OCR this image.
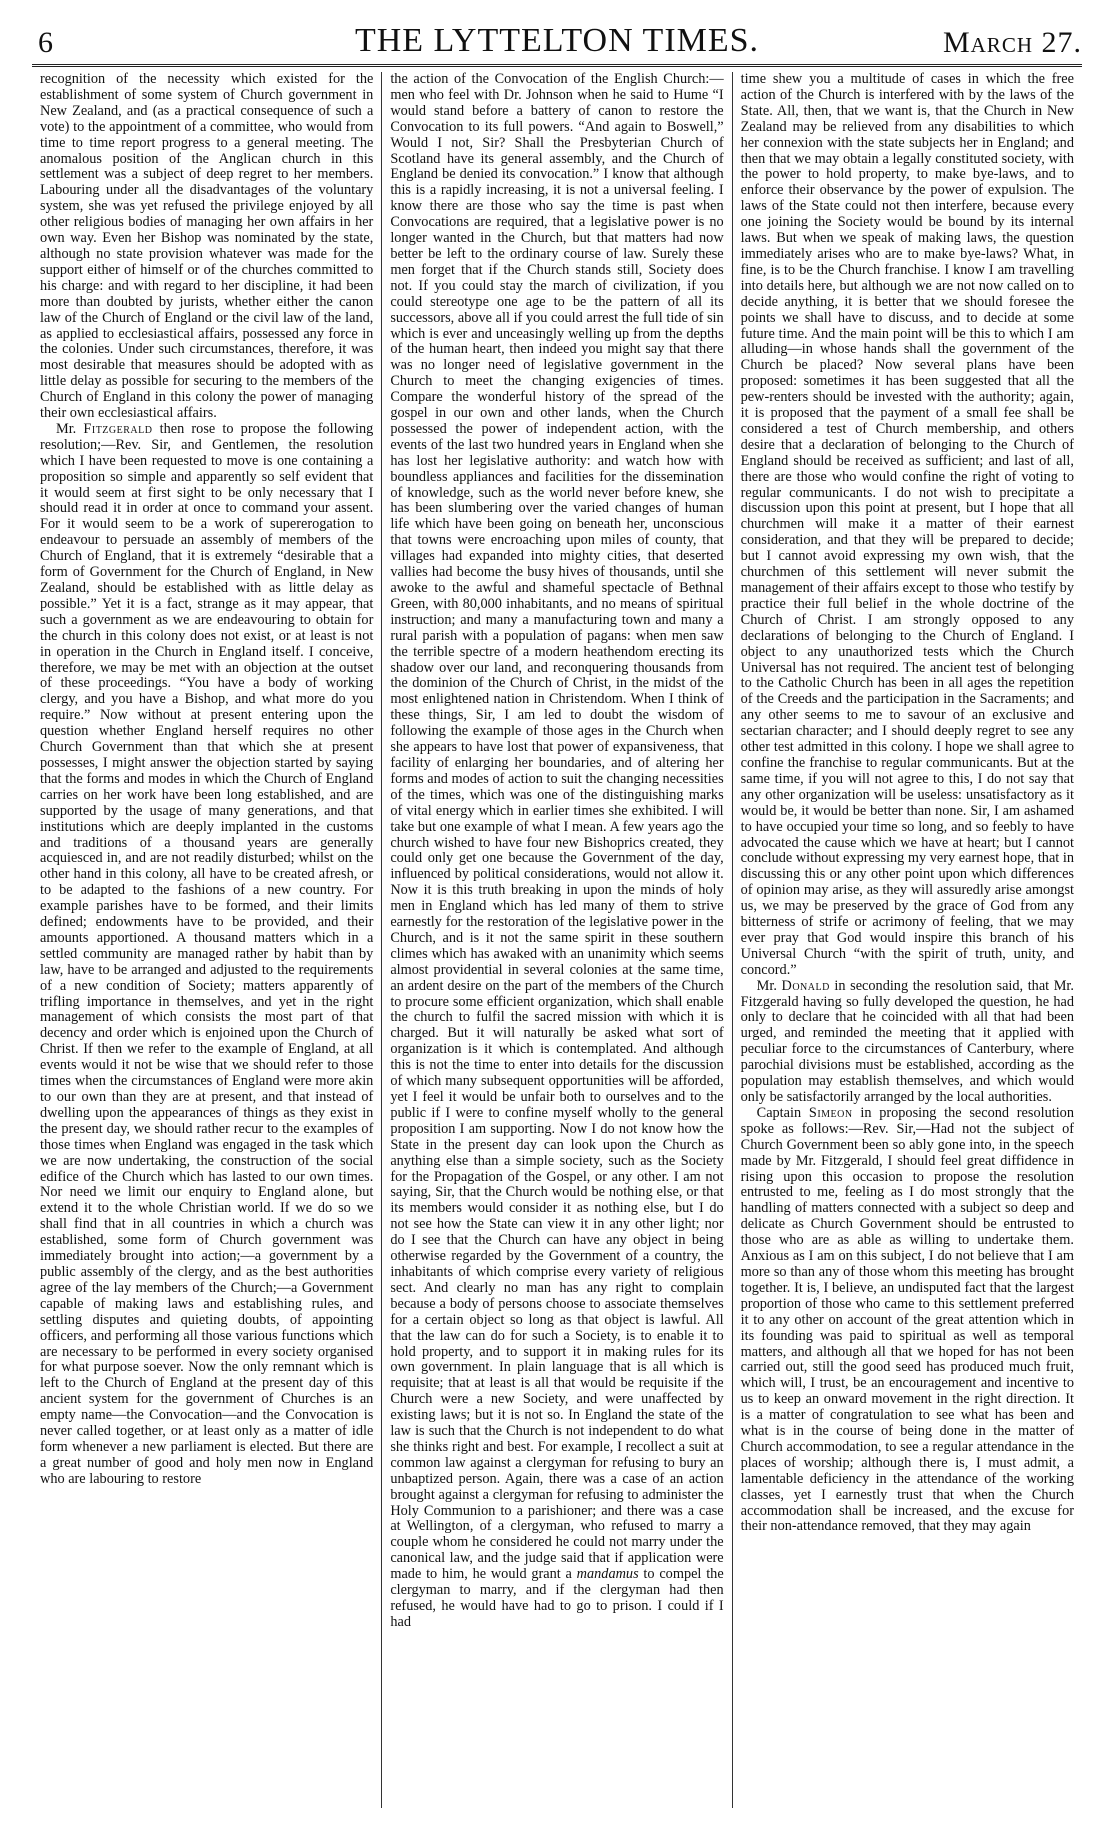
6	THE LYTTELTON TIMES.	March 27.

recognition of the necessity which existed for the establishment of some system of Church government in New Zealand, and (as a practical consequence of such a vote) to the appointment of a committee, who would from time to time report progress to a general meeting. The anomalous position of the Anglican church in this settlement was a subject of deep regret to her members. Labouring under all the disadvantages of the voluntary system, she was yet refused the privilege enjoyed by all other religious bodies of managing her own affairs in her own way. Even her Bishop was nominated by the state, although no state provision whatever was made for the support either of himself or of the churches committed to his charge: and with regard to her discipline, it had been more than doubted by jurists, whether either the canon law of the Church of England or the civil law of the land, as applied to ecclesiastical affairs, possessed any force in the colonies. Under such circumstances, therefore, it was most desirable that measures should be adopted with as little delay as possible for securing to the members of the Church of England in this colony the power of managing their own ecclesiastical affairs.

Mr. Fitzgerald then rose to propose the following resolution;—Rev. Sir, and Gentlemen, the resolution which I have been requested to move is one containing a proposition so simple and apparently so self evident that it would seem at first sight to be only necessary that I should read it in order at once to command your assent. For it would seem to be a work of supererogation to endeavour to persuade an assembly of members of the Church of England, that it is extremely “desirable that a form of Government for the Church of England, in New Zealand, should be established with as little delay as possible.” Yet it is a fact, strange as it may appear, that such a government as we are endeavouring to obtain for the church in this colony does not exist, or at least is not in operation in the Church in England itself. I conceive, therefore, we may be met with an objection at the outset of these proceedings. “You have a body of working clergy, and you have a Bishop, and what more do you require.” Now without at present entering upon the question whether England herself requires no other Church Government than that which she at present possesses, I might answer the objection started by saying that the forms and modes in which the Church of England carries on her work have been long established, and are supported by the usage of many generations, and that institutions which are deeply implanted in the customs and traditions of a thousand years are generally acquiesced in, and are not readily disturbed; whilst on the other hand in this colony, all have to be created afresh, or to be adapted to the fashions of a new country. For example parishes have to be formed, and their limits defined; endowments have to be provided, and their amounts apportioned. A thousand matters which in a settled community are managed rather by habit than by law, have to be arranged and adjusted to the requirements of a new condition of Society; matters apparently of trifling importance in themselves, and yet in the right management of which consists the most part of that decency and order which is enjoined upon the Church of Christ. If then we refer to the example of England, at all events would it not be wise that we should refer to those times when the circumstances of England were more akin to our own than they are at present, and that instead of dwelling upon the appearances of things as they exist in the present day, we should rather recur to the examples of those times when England was engaged in the task which we are now undertaking, the construction of the social edifice of the Church which has lasted to our own times. Nor need we limit our enquiry to England alone, but extend it to the whole Christian world. If we do so we shall find that in all countries in which a church was established, some form of Church government was immediately brought into action;—a government by a public assembly of the clergy, and as the best authorities agree of the lay members of the Church;—a Government capable of making laws and establishing rules, and settling disputes and quieting doubts, of appointing officers, and performing all those various functions which are necessary to be performed in every society organised for what purpose soever. Now the only remnant which is left to the Church of England at the present day of this ancient system for the government of Churches is an empty name—the Convocation—and the Convocation is never called together, or at least only as a matter of idle form whenever a new parliament is elected. But there are a great number of good and holy men now in England who are labouring to restore

the action of the Convocation of the English Church:—men who feel with Dr. Johnson when he said to Hume “I would stand before a battery of canon to restore the Convocation to its full powers. “And again to Boswell,” Would I not, Sir? Shall the Presbyterian Church of Scotland have its general assembly, and the Church of England be denied its convocation.” I know that although this is a rapidly increasing, it is not a universal feeling. I know there are those who say the time is past when Convocations are required, that a legislative power is no longer wanted in the Church, but that matters had now better be left to the ordinary course of law. Surely these men forget that if the Church stands still, Society does not. If you could stay the march of civilization, if you could stereotype one age to be the pattern of all its successors, above all if you could arrest the full tide of sin which is ever and unceasingly welling up from the depths of the human heart, then indeed you might say that there was no longer need of legislative government in the Church to meet the changing exigencies of times. Compare the wonderful history of the spread of the gospel in our own and other lands, when the Church possessed the power of independent action, with the events of the last two hundred years in England when she has lost her legislative authority: and watch how with boundless appliances and facilities for the dissemination of knowledge, such as the world never before knew, she has been slumbering over the varied changes of human life which have been going on beneath her, unconscious that towns were encroaching upon miles of county, that villages had expanded into mighty cities, that deserted vallies had become the busy hives of thousands, until she awoke to the awful and shameful spectacle of Bethnal Green, with 80,000 inhabitants, and no means of spiritual instruction; and many a manufacturing town and many a rural parish with a population of pagans: when men saw the terrible spectre of a modern heathendom erecting its shadow over our land, and reconquering thousands from the dominion of the Church of Christ, in the midst of the most enlightened nation in Christendom. When I think of these things, Sir, I am led to doubt the wisdom of following the example of those ages in the Church when she appears to have lost that power of expansiveness, that facility of enlarging her boundaries, and of altering her forms and modes of action to suit the changing necessities of the times, which was one of the distinguishing marks of vital energy which in earlier times she exhibited. I will take but one example of what I mean. A few years ago the church wished to have four new Bishoprics created, they could only get one because the Government of the day, influenced by political considerations, would not allow it. Now it is this truth breaking in upon the minds of holy men in England which has led many of them to strive earnestly for the restoration of the legislative power in the Church, and is it not the same spirit in these southern climes which has awaked with an unanimity which seems almost providential in several colonies at the same time, an ardent desire on the part of the members of the Church to procure some efficient organization, which shall enable the church to fulfil the sacred mission with which it is charged. But it will naturally be asked what sort of organization is it which is contemplated. And although this is not the time to enter into details for the discussion of which many subsequent opportunities will be afforded, yet I feel it would be unfair both to ourselves and to the public if I were to confine myself wholly to the general proposition I am supporting. Now I do not know how the State in the present day can look upon the Church as anything else than a simple society, such as the Society for the Propagation of the Gospel, or any other. I am not saying, Sir, that the Church would be nothing else, or that its members would consider it as nothing else, but I do not see how the State can view it in any other light; nor do I see that the Church can have any object in being otherwise regarded by the Government of a country, the inhabitants of which comprise every variety of religious sect. And clearly no man has any right to complain because a body of persons choose to associate themselves for a certain object so long as that object is lawful. All that the law can do for such a Society, is to enable it to hold property, and to support it in making rules for its own government. In plain language that is all which is requisite; that at least is all that would be requisite if the Church were a new Society, and were unaffected by existing laws; but it is not so. In England the state of the law is such that the Church is not independent to do what she thinks right and best. For example, I recollect a suit at common law against a clergyman for refusing to bury an unbaptized person. Again, there was a case of an action brought against a clergyman for refusing to administer the Holy Communion to a parishioner; and there was a case at Wellington, of a clergyman, who refused to marry a couple whom he considered he could not marry under the canonical law, and the judge said that if application were made to him, he would grant a mandamus to compel the clergyman to marry, and if the clergyman had then refused, he would have had to go to prison. I could if I had

time shew you a multitude of cases in which the free action of the Church is interfered with by the laws of the State. All, then, that we want is, that the Church in New Zealand may be relieved from any disabilities to which her connexion with the state subjects her in England; and then that we may obtain a legally constituted society, with the power to hold property, to make bye-laws, and to enforce their observance by the power of expulsion. The laws of the State could not then interfere, because every one joining the Society would be bound by its internal laws. But when we speak of making laws, the question immediately arises who are to make bye-laws? What, in fine, is to be the Church franchise. I know I am travelling into details here, but although we are not now called on to decide anything, it is better that we should foresee the points we shall have to discuss, and to decide at some future time. And the main point will be this to which I am alluding—in whose hands shall the government of the Church be placed? Now several plans have been proposed: sometimes it has been suggested that all the pew-renters should be invested with the authority; again, it is proposed that the payment of a small fee shall be considered a test of Church membership, and others desire that a declaration of belonging to the Church of England should be received as sufficient; and last of all, there are those who would confine the right of voting to regular communicants. I do not wish to precipitate a discussion upon this point at present, but I hope that all churchmen will make it a matter of their earnest consideration, and that they will be prepared to decide; but I cannot avoid expressing my own wish, that the churchmen of this settlement will never submit the management of their affairs except to those who testify by practice their full belief in the whole doctrine of the Church of Christ. I am strongly opposed to any declarations of belonging to the Church of England. I object to any unauthorized tests which the Church Universal has not required. The ancient test of belonging to the Catholic Church has been in all ages the repetition of the Creeds and the participation in the Sacraments; and any other seems to me to savour of an exclusive and sectarian character; and I should deeply regret to see any other test admitted in this colony. I hope we shall agree to confine the franchise to regular communicants. But at the same time, if you will not agree to this, I do not say that any other organization will be useless: unsatisfactory as it would be, it would be better than none. Sir, I am ashamed to have occupied your time so long, and so feebly to have advocated the cause which we have at heart; but I cannot conclude without expressing my very earnest hope, that in discussing this or any other point upon which differences of opinion may arise, as they will assuredly arise amongst us, we may be preserved by the grace of God from any bitterness of strife or acrimony of feeling, that we may ever pray that God would inspire this branch of his Universal Church “with the spirit of truth, unity, and concord.”

Mr. Donald in seconding the resolution said, that Mr. Fitzgerald having so fully developed the question, he had only to declare that he coincided with all that had been urged, and reminded the meeting that it applied with peculiar force to the circumstances of Canterbury, where parochial divisions must be established, according as the population may establish themselves, and which would only be satisfactorily arranged by the local authorities.

Captain Simeon in proposing the second resolution spoke as follows:—Rev. Sir,—Had not the subject of Church Government been so ably gone into, in the speech made by Mr. Fitzgerald, I should feel great diffidence in rising upon this occasion to propose the resolution entrusted to me, feeling as I do most strongly that the handling of matters connected with a subject so deep and delicate as Church Government should be entrusted to those who are as able as willing to undertake them. Anxious as I am on this subject, I do not believe that I am more so than any of those whom this meeting has brought together. It is, I believe, an undisputed fact that the largest proportion of those who came to this settlement preferred it to any other on account of the great attention which in its founding was paid to spiritual as well as temporal matters, and although all that we hoped for has not been carried out, still the good seed has produced much fruit, which will, I trust, be an encouragement and incentive to us to keep an onward movement in the right direction. It is a matter of congratulation to see what has been and what is in the course of being done in the matter of Church accommodation, to see a regular attendance in the places of worship; although there is, I must admit, a lamentable deficiency in the attendance of the working classes, yet I earnestly trust that when the Church accommodation shall be increased, and the excuse for their non-attendance removed, that they may again
